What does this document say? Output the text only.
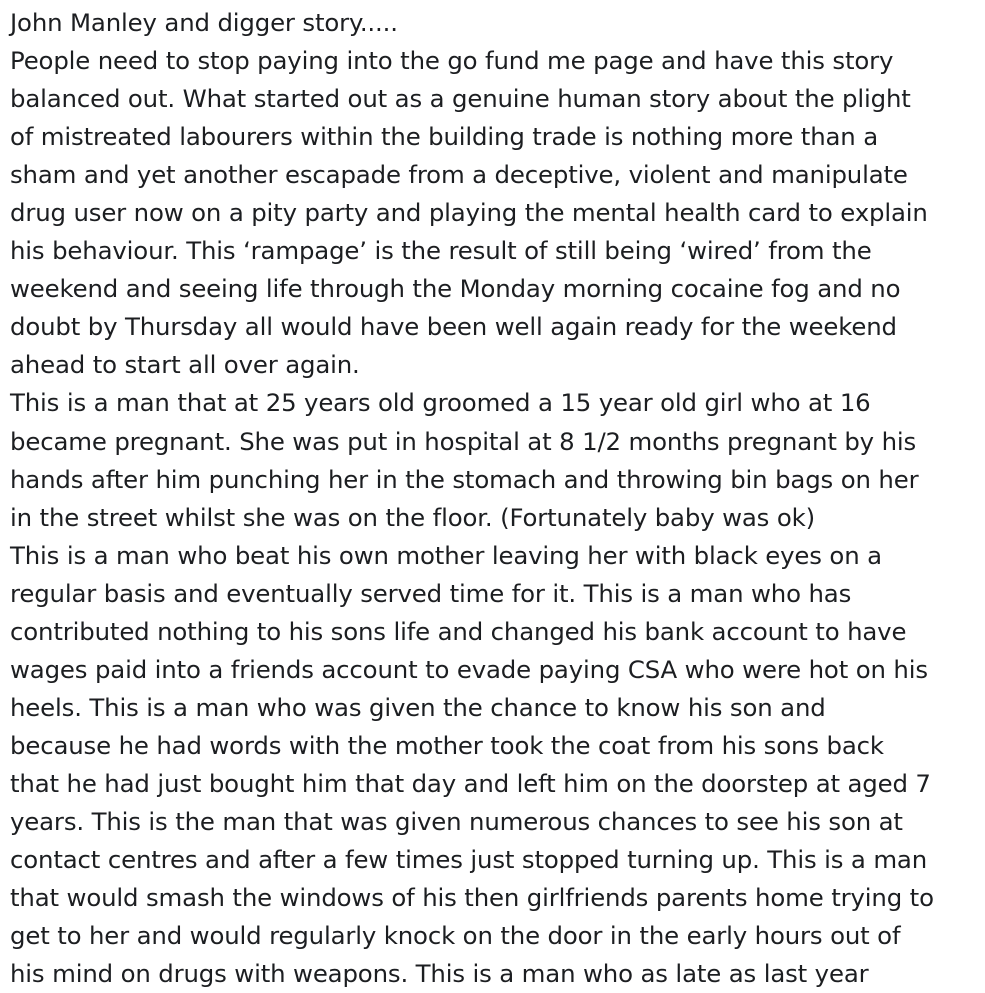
John Manley and digger story.....
People need to stop paying into the go fund me page and have this story
balanced out. What started out as a genuine human story about the plight
of mistreated labourers within the building trade is nothing more than a
sham and yet another escapade from a deceptive, violent and manipulate
drug user now on a pity party and playing the mental health card to explain
his behaviour. This ‘rampage’ is the result of still being ‘wired’ from the
weekend and seeing life through the Monday morning cocaine fog and no
doubt by Thursday all would have been well again ready for the weekend
ahead to start all over again.
This is a man that at 25 years old groomed a 15 year old girl who at 16
became pregnant. She was put in hospital at 8 1/2 months pregnant by his
hands after him punching her in the stomach and throwing bin bags on her
in the street whilst she was on the floor. (Fortunately baby was ok)
This is a man who beat his own mother leaving her with black eyes on a
regular basis and eventually served time for it. This is a man who has
contributed nothing to his sons life and changed his bank account to have
wages paid into a friends account to evade paying CSA who were hot on his
heels. This is a man who was given the chance to know his son and
because he had words with the mother took the coat from his sons back
that he had just bought him that day and left him on the doorstep at aged 7
years. This is the man that was given numerous chances to see his son at
contact centres and after a few times just stopped turning up. This is a man
that would smash the windows of his then girlfriends parents home trying to
get to her and would regularly knock on the door in the early hours out of
his mind on drugs with weapons. This is a man who as late as last year
